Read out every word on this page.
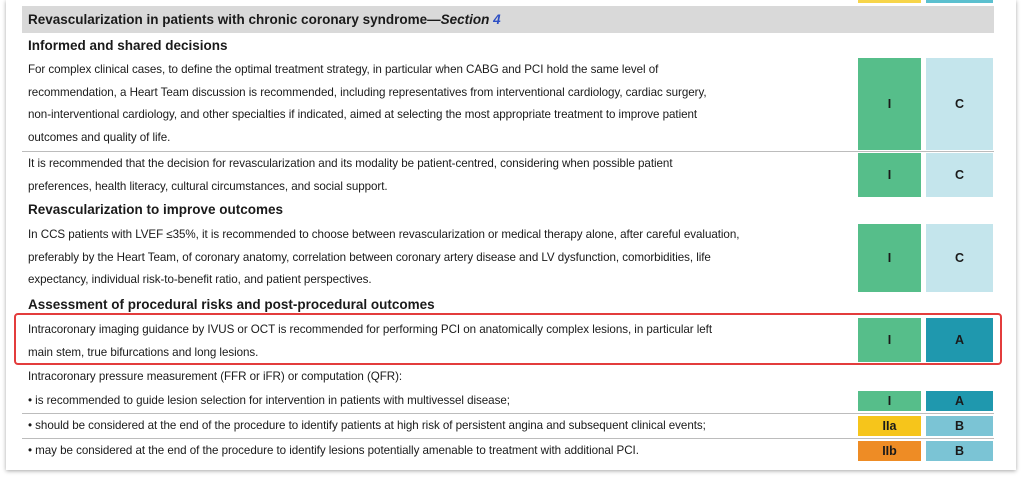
Revascularization in patients with chronic coronary syndrome—Section 4
Informed and shared decisions
For complex clinical cases, to define the optimal treatment strategy, in particular when CABG and PCI hold the same level of
recommendation, a Heart Team discussion is recommended, including representatives from interventional cardiology, cardiac surgery,
non-interventional cardiology, and other specialties if indicated, aimed at selecting the most appropriate treatment to improve patient
outcomes and quality of life.
I	C
It is recommended that the decision for revascularization and its modality be patient-centred, considering when possible patient
preferences, health literacy, cultural circumstances, and social support.
I	C
Revascularization to improve outcomes
In CCS patients with LVEF ≤35%, it is recommended to choose between revascularization or medical therapy alone, after careful evaluation,
preferably by the Heart Team, of coronary anatomy, correlation between coronary artery disease and LV dysfunction, comorbidities, life
expectancy, individual risk-to-benefit ratio, and patient perspectives.
I	C
Assessment of procedural risks and post-procedural outcomes
Intracoronary imaging guidance by IVUS or OCT is recommended for performing PCI on anatomically complex lesions, in particular left
main stem, true bifurcations and long lesions.
I	A
Intracoronary pressure measurement (FFR or iFR) or computation (QFR):
• is recommended to guide lesion selection for intervention in patients with multivessel disease;	I	A
• should be considered at the end of the procedure to identify patients at high risk of persistent angina and subsequent clinical events;	IIa	B
• may be considered at the end of the procedure to identify lesions potentially amenable to treatment with additional PCI.	IIb	B
